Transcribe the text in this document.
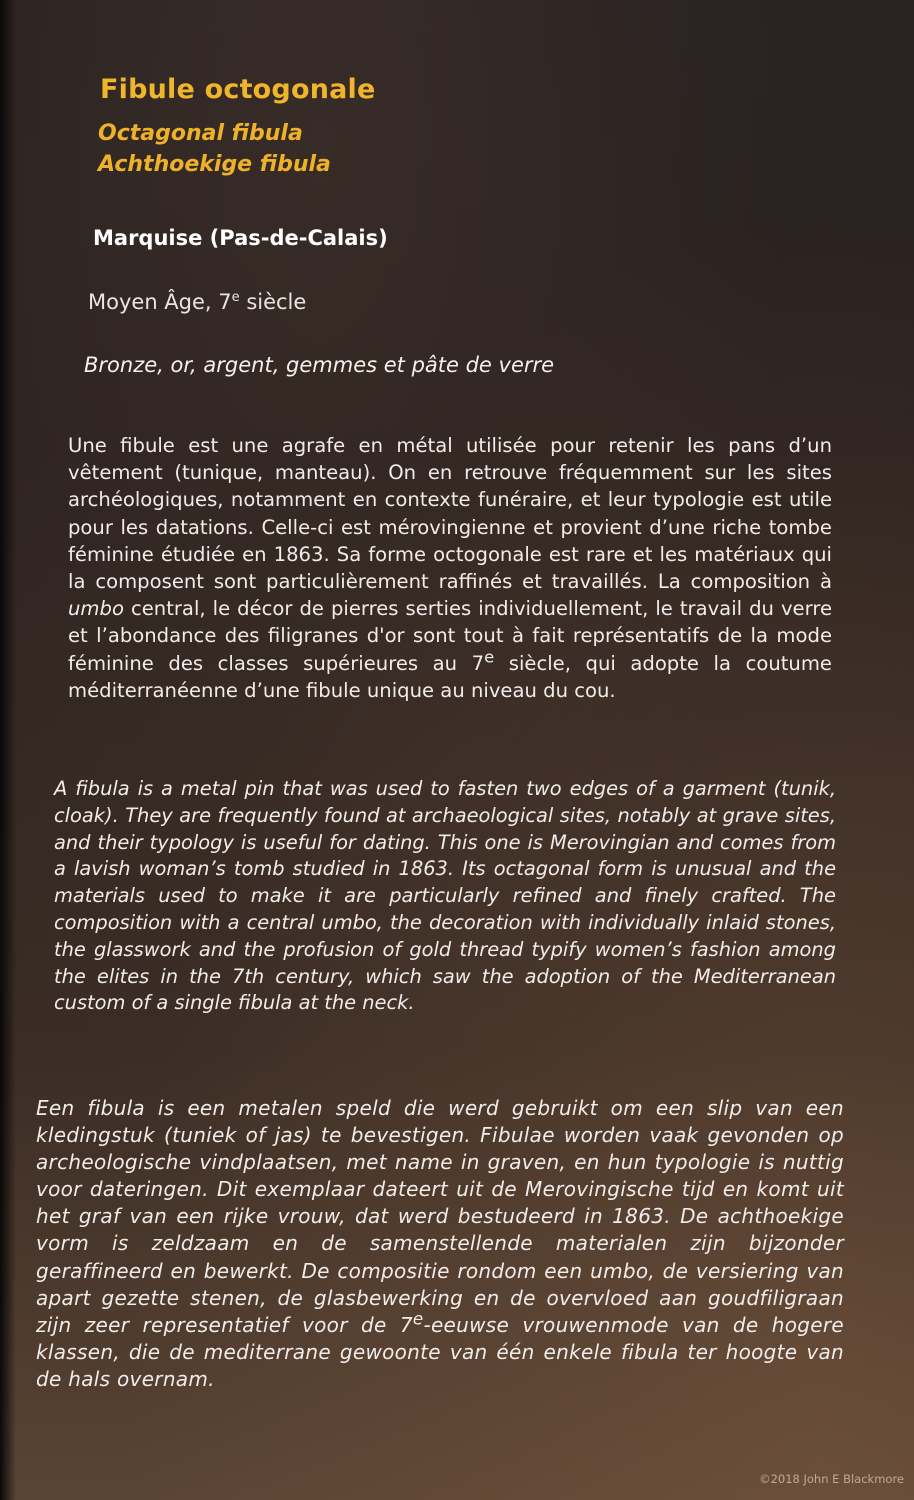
Fibule octogonale
Octagonal fibula
Achthoekige fibula
Marquise (Pas-de-Calais)
Moyen Âge, 7e siècle
Bronze, or, argent, gemmes et pâte de verre
Une fibule est une agrafe en métal utilisée pour retenir les pans d’un vêtement (tunique, manteau). On en retrouve fréquemment sur les sites archéologiques, notamment en contexte funéraire, et leur typologie est utile pour les datations. Celle-ci est mérovingienne et provient d’une riche tombe féminine étudiée en 1863. Sa forme octogonale est rare et les matériaux qui la composent sont particulièrement raffinés et travaillés. La composition à umbo central, le décor de pierres serties individuellement, le travail du verre et l’abondance des filigranes d'or sont tout à fait représentatifs de la mode féminine des classes supérieures au 7e siècle, qui adopte la coutume méditerranéenne d’une fibule unique au niveau du cou.
A fibula is a metal pin that was used to fasten two edges of a garment (tunik, cloak). They are frequently found at archaeological sites, notably at grave sites, and their typology is useful for dating. This one is Merovingian and comes from a lavish woman’s tomb studied in 1863. Its octagonal form is unusual and the materials used to make it are particularly refined and finely crafted. The composition with a central umbo, the decoration with individually inlaid stones, the glasswork and the profusion of gold thread typify women’s fashion among the elites in the 7th century, which saw the adoption of the Mediterranean custom of a single fibula at the neck.
Een fibula is een metalen speld die werd gebruikt om een slip van een kledingstuk (tuniek of jas) te bevestigen. Fibulae worden vaak gevonden op archeologische vindplaatsen, met name in graven, en hun typologie is nuttig voor dateringen. Dit exemplaar dateert uit de Merovingische tijd en komt uit het graf van een rijke vrouw, dat werd bestudeerd in 1863. De achthoekige vorm is zeldzaam en de samenstellende materialen zijn bijzonder geraffineerd en bewerkt. De compositie rondom een umbo, de versiering van apart gezette stenen, de glasbewerking en de overvloed aan goudfiligraan zijn zeer representatief voor de 7e-eeuwse vrouwenmode van de hogere klassen, die de mediterrane gewoonte van één enkele fibula ter hoogte van de hals overnam.
©2018 John E Blackmore
